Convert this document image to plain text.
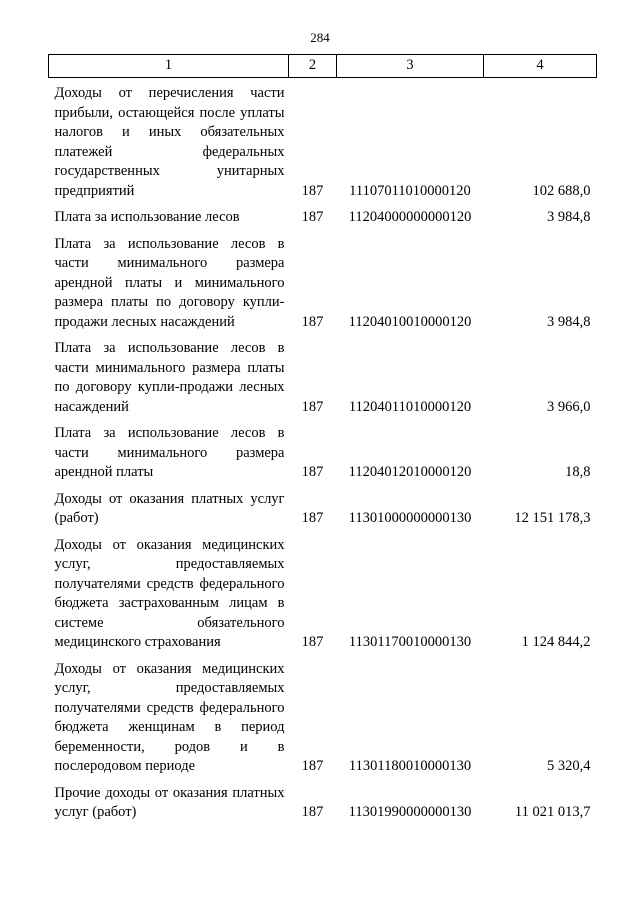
284
1	2	3	4
Доходы от перечисления части прибыли, остающейся после уплаты налогов и иных обязательных платежей федеральных государственных унитарных предприятий	187	11107011010000120	102 688,0
Плата за использование лесов	187	11204000000000120	3 984,8
Плата за использование лесов в части минимального размера арендной платы и минимального размера платы по договору купли-продажи лесных насаждений	187	11204010010000120	3 984,8
Плата за использование лесов в части минимального размера платы по договору купли-продажи лесных насаждений	187	11204011010000120	3 966,0
Плата за использование лесов в части минимального размера арендной платы	187	11204012010000120	18,8
Доходы от оказания платных услуг (работ)	187	11301000000000130	12 151 178,3
Доходы от оказания медицинских услуг, предоставляемых получателями средств федерального бюджета застрахованным лицам в системе обязательного медицинского страхования	187	11301170010000130	1 124 844,2
Доходы от оказания медицинских услуг, предоставляемых получателями средств федерального бюджета женщинам в период беременности, родов и в послеродовом периоде	187	11301180010000130	5 320,4
Прочие доходы от оказания платных услуг (работ)	187	11301990000000130	11 021 013,7
